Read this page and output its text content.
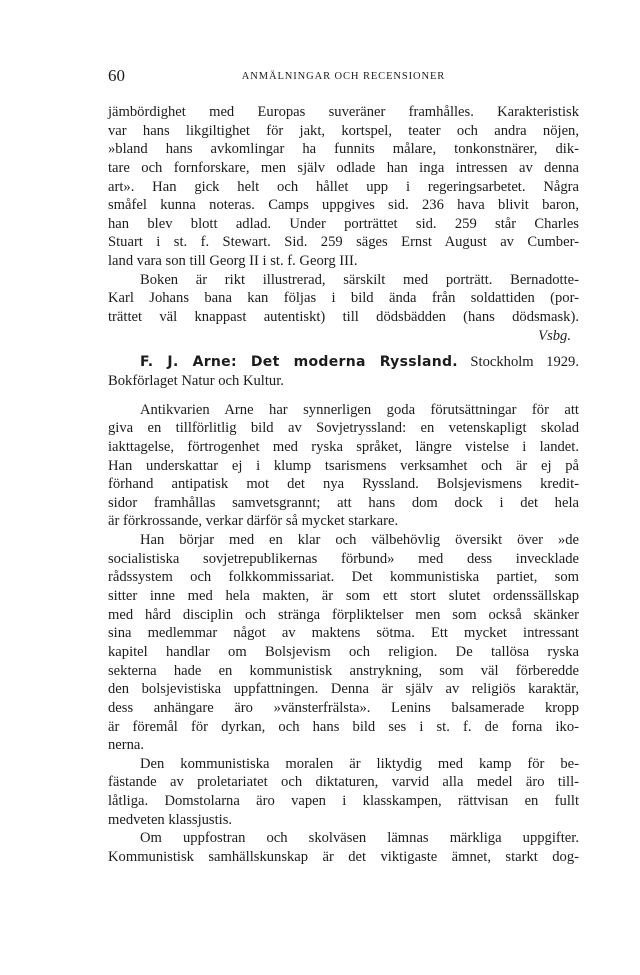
60	ANMÄLNINGAR OCH RECENSIONER
jämbördighet med Europas suveräner framhålles. Karakteristisk
var hans likgiltighet för jakt, kortspel, teater och andra nöjen,
»bland hans avkomlingar ha funnits målare, tonkonstnärer, dik-
tare och fornforskare, men själv odlade han inga intressen av denna
art». Han gick helt och hållet upp i regeringsarbetet. Några
småfel kunna noteras. Camps uppgives sid. 236 hava blivit baron,
han blev blott adlad. Under porträttet sid. 259 står Charles
Stuart i st. f. Stewart. Sid. 259 säges Ernst August av Cumber-
land vara son till Georg II i st. f. Georg III.
Boken är rikt illustrerad, särskilt med porträtt. Bernadotte-
Karl Johans bana kan följas i bild ända från soldattiden (por-
trättet väl knappast autentiskt) till dödsbädden (hans dödsmask).
Vsbg.
F. J. Arne: Det moderna Ryssland. Stockholm 1929.
Bokförlaget Natur och Kultur.
Antikvarien Arne har synnerligen goda förutsättningar för att
giva en tillförlitlig bild av Sovjetryssland: en vetenskapligt skolad
iakttagelse, förtrogenhet med ryska språket, längre vistelse i landet.
Han underskattar ej i klump tsarismens verksamhet och är ej på
förhand antipatisk mot det nya Ryssland. Bolsjevismens kredit-
sidor framhållas samvetsgrannt; att hans dom dock i det hela
är förkrossande, verkar därför så mycket starkare.
Han börjar med en klar och välbehövlig översikt över »de
socialistiska sovjetrepublikernas förbund» med dess invecklade
rådssystem och folkkommissariat. Det kommunistiska partiet, som
sitter inne med hela makten, är som ett stort slutet ordenssällskap
med hård disciplin och stränga förpliktelser men som också skänker
sina medlemmar något av maktens sötma. Ett mycket intressant
kapitel handlar om Bolsjevism och religion. De tallösa ryska
sekterna hade en kommunistisk anstrykning, som väl förberedde
den bolsjevistiska uppfattningen. Denna är själv av religiös karaktär,
dess anhängare äro »vänsterfrälsta». Lenins balsamerade kropp
är föremål för dyrkan, och hans bild ses i st. f. de forna iko-
nerna.
Den kommunistiska moralen är liktydig med kamp för be-
fästande av proletariatet och diktaturen, varvid alla medel äro till-
låtliga. Domstolarna äro vapen i klasskampen, rättvisan en fullt
medveten klassjustis.
Om uppfostran och skolväsen lämnas märkliga uppgifter.
Kommunistisk samhällskunskap är det viktigaste ämnet, starkt dog-
